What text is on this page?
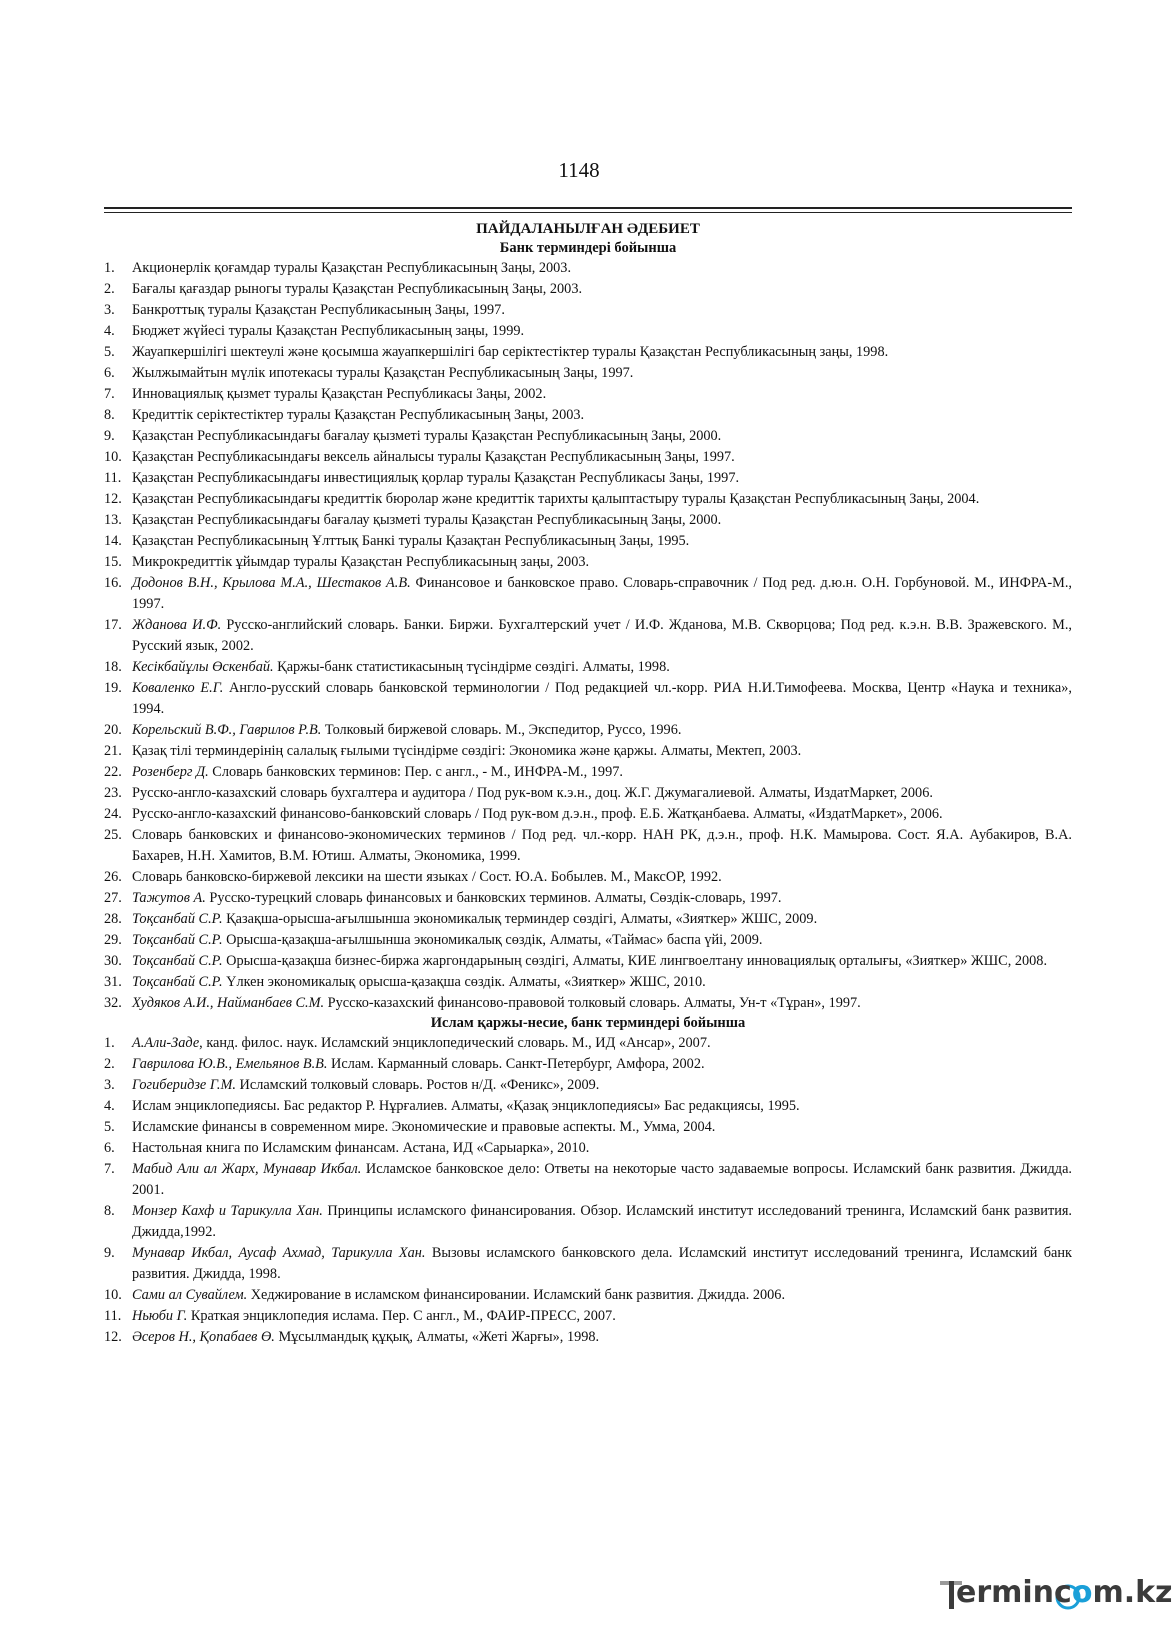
1148
ПАЙДАЛАНЫЛҒАН ӘДЕБИЕТ
Банк терминдері бойынша
1. Акционерлік қоғамдар туралы Қазақстан Республикасының Заңы, 2003.
2. Бағалы қағаздар рыногы туралы Қазақстан Республикасының Заңы, 2003.
3. Банкроттық туралы Қазақстан Республикасының Заңы, 1997.
4. Бюджет жүйесі туралы Қазақстан Республикасының заңы, 1999.
5. Жауапкершілігі шектеулі және қосымша жауапкершілігі бар серіктестіктер туралы Қазақстан Республикасының заңы, 1998.
6. Жылжымайтын мүлік ипотекасы туралы Қазақстан Республикасының Заңы, 1997.
7. Инновациялық қызмет туралы Қазақстан Республикасы Заңы, 2002.
8. Кредиттік серіктестіктер туралы Қазақстан Республикасының Заңы, 2003.
9. Қазақстан Республикасындағы бағалау қызметі туралы Қазақстан Республикасының Заңы, 2000.
10. Қазақстан Республикасындағы вексель айналысы туралы Қазақстан Республикасының Заңы, 1997.
11. Қазақстан Республикасындағы инвестициялық қорлар туралы Қазақстан Республикасы Заңы, 1997.
12. Қазақстан Республикасындағы кредиттік бюролар және кредиттік тарихты қалыптастыру туралы Қазақстан Республикасының Заңы, 2004.
13. Қазақстан Республикасындағы бағалау қызметі туралы Қазақстан Республикасының Заңы, 2000.
14. Қазақстан Республикасының Ұлттық Банкі туралы Қазақтан Республикасының Заңы, 1995.
15. Микрокредиттік ұйымдар туралы Қазақстан Республикасының заңы, 2003.
16. Додонов В.Н., Крылова М.А., Шестаков А.В. Финансовое и банковское право. Словарь-справочник / Под ред. д.ю.н. О.Н. Горбуновой. М., ИНФРА-М., 1997.
17. Жданова И.Ф. Русско-английский словарь. Банки. Биржи. Бухгалтерский учет / И.Ф. Жданова, М.В. Скворцова; Под ред. к.э.н. В.В. Зражевского. М., Русский язык, 2002.
18. Кесікбайұлы Өскенбай. Қаржы-банк статистикасының түсіндірме сөздігі. Алматы, 1998.
19. Коваленко Е.Г. Англо-русский словарь банковской терминологии / Под редакцией чл.-корр. РИА Н.И.Тимофеева. Москва, Центр «Наука и техника», 1994.
20. Корельский В.Ф., Гаврилов Р.В. Толковый биржевой словарь. М., Экспедитор, Руссо, 1996.
21. Қазақ тілі терминдерінің салалық ғылыми түсіндірме сөздігі: Экономика және қаржы. Алматы, Мектеп, 2003.
22. Розенберг Д. Словарь банковских терминов: Пер. с англ., - М., ИНФРА-М., 1997.
23. Русско-англо-казахский словарь бухгалтера и аудитора / Под рук-вом к.э.н., доц. Ж.Г. Джумагалиевой. Алматы, ИздатМаркет, 2006.
24. Русско-англо-казахский финансово-банковский словарь / Под рук-вом д.э.н., проф. Е.Б. Жатқанбаева. Алматы, «ИздатМаркет», 2006.
25. Словарь банковских и финансово-экономических терминов / Под ред. чл.-корр. НАН РК, д.э.н., проф. Н.К. Мамырова. Сост. Я.А. Аубакиров, В.А. Бахарев, Н.Н. Хамитов, В.М. Ютиш. Алматы, Экономика, 1999.
26. Словарь банковско-биржевой лексики на шести языках / Сост. Ю.А. Бобылев. М., МаксОР, 1992.
27. Тажутов А. Русско-турецкий словарь финансовых и банковских терминов. Алматы, Сөздік-словарь, 1997.
28. Тоқсанбай С.Р. Қазақша-орысша-ағылшынша экономикалық терминдер сөздігі, Алматы, «Зияткер» ЖШС, 2009.
29. Тоқсанбай С.Р. Орысша-қазақша-ағылшынша экономикалық сөздік, Алматы, «Таймас» баспа үйі, 2009.
30. Тоқсанбай С.Р. Орысша-қазақша бизнес-биржа жаргондарының сөздігі, Алматы, КИЕ лингвоелтану инновациялық орталығы, «Зияткер» ЖШС, 2008.
31. Тоқсанбай С.Р. Үлкен экономикалық орысша-қазақша сөздік. Алматы, «Зияткер» ЖШС, 2010.
32. Худяков А.И., Найманбаев С.М. Русско-казахский финансово-правовой толковый словарь. Алматы, Ун-т «Тұран», 1997.
Ислам қаржы-несие, банк терминдері бойынша
1. А.Али-Заде, канд. филос. наук. Исламский энциклопедический словарь. М., ИД «Ансар», 2007.
2. Гаврилова Ю.В., Емельянов В.В. Ислам. Карманный словарь. Санкт-Петербург, Амфора, 2002.
3. Гогиберидзе Г.М. Исламский толковый словарь. Ростов н/Д. «Феникс», 2009.
4. Ислам энциклопедиясы. Бас редактор Р. Нұрғалиев. Алматы, «Қазақ энциклопедиясы» Бас редакциясы, 1995.
5. Исламские финансы в современном мире. Экономические и правовые аспекты. М., Умма, 2004.
6. Настольная книга по Исламским финансам. Астана, ИД «Сарыарка», 2010.
7. Мабид Али ал Жарх, Мунавар Икбал. Исламское банковское дело: Ответы на некоторые часто задаваемые вопросы. Исламский банк развития. Джидда. 2001.
8. Монзер Кахф и Тарикулла Хан. Принципы исламского финансирования. Обзор. Исламский институт исследований тренинга, Исламский банк развития. Джидда,1992.
9. Мунавар Икбал, Аусаф Ахмад, Тарикулла Хан. Вызовы исламского банковского дела. Исламский институт исследований тренинга, Исламский банк развития. Джидда, 1998.
10. Сами ал Сувайлем. Хеджирование в исламском финансировании. Исламский банк развития. Джидда. 2006.
11. Ньюби Г. Краткая энциклопедия ислама. Пер. С англ., М., ФАИР-ПРЕСС, 2007.
12. Әсеров Н., Қопабаев Ө. Мұсылмандық құқық, Алматы, «Жеті Жарғы», 1998.
ermincom.kz
